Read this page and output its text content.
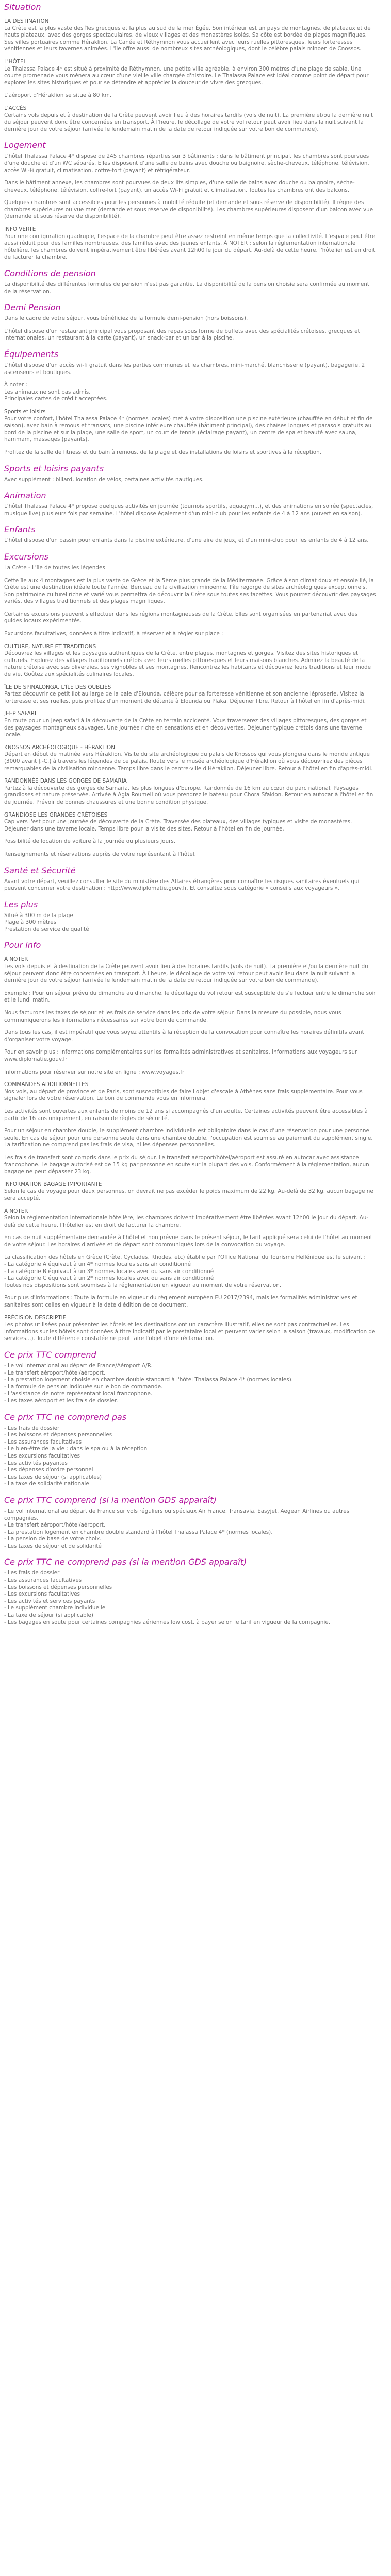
Situation
LA DESTINATION

La Crète est la plus vaste des îles grecques et la plus au sud de la mer Égée. Son intérieur est un pays de montagnes, de plateaux et de hauts plateaux, avec des gorges spectaculaires, de vieux villages et des monastères isolés. Sa côte est bordée de plages magnifiques. Ses villes portuaires comme Héraklion, La Canée et Réthymnon vous accueillent avec leurs ruelles pittoresques, leurs forteresses vénitiennes et leurs tavernes animées. L'île offre aussi de nombreux sites archéologiques, dont le célèbre palais minoen de Cnossos.

L'HÔTEL

Le Thalassa Palace 4* est situé à proximité de Réthymnon, une petite ville agréable, à environ 300 mètres d'une plage de sable. Une courte promenade vous mènera au cœur d'une vieille ville chargée d'histoire. Le Thalassa Palace est idéal comme point de départ pour explorer les sites historiques et pour se détendre et apprécier la douceur de vivre des grecques.

L'aéroport d'Héraklion se situe à 80 km.

L'ACCÈS

Certains vols depuis et à destination de la Crète peuvent avoir lieu à des horaires tardifs (vols de nuit). La première et/ou la dernière nuit du séjour peuvent donc être concernées en transport. À l'heure, le décollage de votre vol retour peut avoir lieu dans la nuit suivant la dernière jour de votre séjour (arrivée le lendemain matin de la date de retour indiquée sur votre bon de commande).

Logement

L'hôtel Thalassa Palace 4* dispose de 245 chambres réparties sur 3 bâtiments : dans le bâtiment principal, les chambres sont pourvues d'une douche et d'un WC séparés. Elles disposent d'une salle de bains avec douche ou baignoire, sèche-cheveux, téléphone, télévision, accès Wi-Fi gratuit, climatisation, coffre-fort (payant) et réfrigérateur.

Dans le bâtiment annexe, les chambres sont pourvues de deux lits simples, d'une salle de bains avec douche ou baignoire, sèche-cheveux, téléphone, télévision, coffre-fort (payant), un accès Wi-Fi gratuit et climatisation. Toutes les chambres ont des balcons.

Quelques chambres sont accessibles pour les personnes à mobilité réduite (et demande et sous réserve de disponibilité). Il règne des chambres supérieures ou vue mer (demande et sous réserve de disponibilité). Les chambres supérieures disposent d'un balcon avec vue (demande et sous réserve de disponibilité).

INFO VERTE

Pour une configuration quadruple, l'espace de la chambre peut être assez restreint en même temps que la collectivité. L'espace peut être aussi réduit pour des familles nombreuses, des familles avec des jeunes enfants. À NOTER : selon la réglementation internationale hôtelière, les chambres doivent impérativement être libérées avant 12h00 le jour du départ. Au-delà de cette heure, l'hôtelier est en droit de facturer la chambre.

Conditions de pension

La disponibilité des différentes formules de pension n'est pas garantie. La disponibilité de la pension choisie sera confirmée au moment de la réservation.

Demi Pension

Dans le cadre de votre séjour, vous bénéficiez de la formule demi-pension (hors boissons).

L'hôtel dispose d'un restaurant principal vous proposant des repas sous forme de buffets avec des spécialités crétoises, grecques et internationales, un restaurant à la carte (payant), un snack-bar et un bar à la piscine.

Équipements

L'hôtel dispose d'un accès wi-fi gratuit dans les parties communes et les chambres, mini-marché, blanchisserie (payant), bagagerie, 2 ascenseurs et boutiques.

À noter :
Les animaux ne sont pas admis.
Principales cartes de crédit acceptées.
Sports et loisirs

Pour votre confort, l'hôtel Thalassa Palace 4* (normes locales) met à votre disposition une piscine extérieure (chauffée en début et fin de saison), avec bain à remous et transats, une piscine intérieure chauffée (bâtiment principal), des chaises longues et parasols gratuits au bord de la piscine et sur la plage, une salle de sport, un court de tennis (éclairage payant), un centre de spa et beauté avec sauna, hammam, massages (payants).

Profitez de la salle de fitness et du bain à remous, de la plage et des installations de loisirs et sportives à la réception.

Sports et loisirs payants

Avec supplément : billard, location de vélos, certaines activités nautiques.

Animation

L'hôtel Thalassa Palace 4* propose quelques activités en journée (tournois sportifs, aquagym...), et des animations en soirée (spectacles, musique live) plusieurs fois par semaine. L'hôtel dispose également d'un mini-club pour les enfants de 4 à 12 ans (ouvert en saison).

Enfants

L'hôtel dispose d'un bassin pour enfants dans la piscine extérieure, d'une aire de jeux, et d'un mini-club pour les enfants de 4 à 12 ans.

Excursions

La Crète - L'île de toutes les légendes

Cette île aux 4 montagnes est la plus vaste de Grèce et la 5ème plus grande de la Méditerranée. Grâce à son climat doux et ensoleillé, la Crète est une destination idéale toute l'année. Berceau de la civilisation minoenne, l'île regorge de sites archéologiques exceptionnels. Son patrimoine culturel riche et varié vous permettra de découvrir la Crète sous toutes ses facettes. Vous pourrez découvrir des paysages variés, des villages traditionnels et des plages magnifiques.

Certaines excursions peuvent s'effectuer dans les régions montagneuses de la Crète. Elles sont organisées en partenariat avec des guides locaux expérimentés.

Excursions facultatives, données à titre indicatif, à réserver et à régler sur place :

CULTURE, NATURE ET TRADITIONS

Découvrez les villages et les paysages authentiques de la Crète, entre plages, montagnes et gorges. Visitez des sites historiques et culturels. Explorez des villages traditionnels crétois avec leurs ruelles pittoresques et leurs maisons blanches. Admirez la beauté de la nature crétoise avec ses oliveraies, ses vignobles et ses montagnes. Rencontrez les habitants et découvrez leurs traditions et leur mode de vie. Goûtez aux spécialités culinaires locales.

ÎLE DE SPINALONGA, L'ÎLE DES OUBLIÉS

Partez découvrir ce petit îlot au large de la baie d'Elounda, célèbre pour sa forteresse vénitienne et son ancienne léproserie. Visitez la forteresse et ses ruelles, puis profitez d'un moment de détente à Elounda ou Plaka. Déjeuner libre. Retour à l'hôtel en fin d'après-midi.

JEEP SAFARI

En route pour un jeep safari à la découverte de la Crète en terrain accidenté. Vous traverserez des villages pittoresques, des gorges et des paysages montagneux sauvages. Une journée riche en sensations et en découvertes. Déjeuner typique crétois dans une taverne locale.

KNOSSOS ARCHÉOLOGIQUE - HÉRAKLION

Départ en début de matinée vers Héraklion. Visite du site archéologique du palais de Knossos qui vous plongera dans le monde antique (3000 avant J.-C.) à travers les légendes de ce palais. Route vers le musée archéologique d'Héraklion où vous découvrirez des pièces remarquables de la civilisation minoenne. Temps libre dans le centre-ville d'Héraklion. Déjeuner libre. Retour à l'hôtel en fin d'après-midi.

RANDONNÉE DANS LES GORGES DE SAMARIA

Partez à la découverte des gorges de Samaria, les plus longues d'Europe. Randonnée de 16 km au cœur du parc national. Paysages grandioses et nature préservée. Arrivée à Agia Roumeli où vous prendrez le bateau pour Chora Sfakion. Retour en autocar à l'hôtel en fin de journée. Prévoir de bonnes chaussures et une bonne condition physique.

GRANDIOSE LES GRANDES CRÉTOISES

Cap vers l'est pour une journée de découverte de la Crète. Traversée des plateaux, des villages typiques et visite de monastères. Déjeuner dans une taverne locale. Temps libre pour la visite des sites. Retour à l'hôtel en fin de journée.

Possibilité de location de voiture à la journée ou plusieurs jours.

Renseignements et réservations auprès de votre représentant à l'hôtel.

Santé et Sécurité

Avant votre départ, veuillez consulter le site du ministère des Affaires étrangères pour connaître les risques sanitaires éventuels qui peuvent concerner votre destination : http://www.diplomatie.gouv.fr. Et consultez sous catégorie « conseils aux voyageurs ».

Les plus
Situé à 300 m de la plage
Plage à 300 mètres
Prestation de service de qualité
Pour info
À NOTER

Les vols depuis et à destination de la Crète peuvent avoir lieu à des horaires tardifs (vols de nuit). La première et/ou la dernière nuit du séjour peuvent donc être concernées en transport. À l'heure, le décollage de votre vol retour peut avoir lieu dans la nuit suivant la dernière jour de votre séjour (arrivée le lendemain matin de la date de retour indiquée sur votre bon de commande).

Exemple : Pour un séjour prévu du dimanche au dimanche, le décollage du vol retour est susceptible de s'effectuer entre le dimanche soir et le lundi matin.

Nous facturons les taxes de séjour et les frais de service dans les prix de votre séjour. Dans la mesure du possible, nous vous communiquerons les informations nécessaires sur votre bon de commande.

Dans tous les cas, il est impératif que vous soyez attentifs à la réception de la convocation pour connaître les horaires définitifs avant d'organiser votre voyage.

Pour en savoir plus : informations complémentaires sur les formalités administratives et sanitaires. Informations aux voyageurs sur www.diplomatie.gouv.fr

Informations pour réserver sur notre site en ligne : www.voyages.fr

COMMANDES ADDITIONNELLES

Nos vols, au départ de province et de Paris, sont susceptibles de faire l'objet d'escale à Athènes sans frais supplémentaire. Pour vous signaler lors de votre réservation. Le bon de commande vous en informera.

Les activités sont ouvertes aux enfants de moins de 12 ans si accompagnés d'un adulte. Certaines activités peuvent être accessibles à partir de 16 ans uniquement, en raison de règles de sécurité.

Pour un séjour en chambre double, le supplément chambre individuelle est obligatoire dans le cas d'une réservation pour une personne seule. En cas de séjour pour une personne seule dans une chambre double, l'occupation est soumise au paiement du supplément single. La tarification ne comprend pas les frais de visa, ni les dépenses personnelles.

Les frais de transfert sont compris dans le prix du séjour. Le transfert aéroport/hôtel/aéroport est assuré en autocar avec assistance francophone. Le bagage autorisé est de 15 kg par personne en soute sur la plupart des vols. Conformément à la réglementation, aucun bagage ne peut dépasser 23 kg.

INFORMATION BAGAGE IMPORTANTE

Selon le cas de voyage pour deux personnes, on devrait ne pas excéder le poids maximum de 22 kg. Au-delà de 32 kg, aucun bagage ne sera accepté.

À NOTER

Selon la réglementation internationale hôtelière, les chambres doivent impérativement être libérées avant 12h00 le jour du départ. Au-delà de cette heure, l'hôtelier est en droit de facturer la chambre.

En cas de nuit supplémentaire demandée à l'hôtel et non prévue dans le présent séjour, le tarif appliqué sera celui de l'hôtel au moment de votre séjour. Les horaires d'arrivée et de départ sont communiqués lors de la convocation du voyage.

La classification des hôtels en Grèce (Crète, Cyclades, Rhodes, etc) établie par l'Office National du Tourisme Hellénique est le suivant :

- La catégorie A équivaut à un 4* normes locales sans air conditionné
- La catégorie B équivaut à un 3* normes locales avec ou sans air conditionné
- La catégorie C équivaut à un 2* normes locales avec ou sans air conditionné
Toutes nos dispositions sont soumises à la réglementation en vigueur au moment de votre réservation.

Pour plus d'informations : Toute la formule en vigueur du règlement européen EU 2017/2394, mais les formalités administratives et sanitaires sont celles en vigueur à la date d'édition de ce document.

PRÉCISION DESCRIPTIF

Les photos utilisées pour présenter les hôtels et les destinations ont un caractère illustratif, elles ne sont pas contractuelles. Les informations sur les hôtels sont données à titre indicatif par le prestataire local et peuvent varier selon la saison (travaux, modification de services...). Toute différence constatée ne peut faire l'objet d'une réclamation.

Ce prix TTC comprend
- Le vol international au départ de France/Aéroport A/R.
- Le transfert aéroport/hôtel/aéroport.
- La prestation logement choisie en chambre double standard à l'hôtel Thalassa Palace 4* (normes locales).
- La formule de pension indiquée sur le bon de commande.
- L'assistance de notre représentant local francophone.
- Les taxes aéroport et les frais de dossier.
Ce prix TTC ne comprend pas
- Les frais de dossier
- Les boissons et dépenses personnelles
- Les assurances facultatives
- Le bien-être de la vie : dans le spa ou à la réception
- Les excursions facultatives
- Les activités payantes
- Les dépenses d'ordre personnel
- Les taxes de séjour (si applicables)
- La taxe de solidarité nationale
Ce prix TTC comprend (si la mention GDS apparaît)
- Le vol international au départ de France sur vols réguliers ou spéciaux Air France, Transavia, Easyjet, Aegean Airlines ou autres compagnies.
- Le transfert aéroport/hôtel/aéroport.
- La prestation logement en chambre double standard à l'hôtel Thalassa Palace 4* (normes locales).
- La pension de base de votre choix.
- Les taxes de séjour et de solidarité
Ce prix TTC ne comprend pas (si la mention GDS apparaît)
- Les frais de dossier
- Les assurances facultatives
- Les boissons et dépenses personnelles
- Les excursions facultatives
- Les activités et services payants
- Le supplément chambre individuelle
- La taxe de séjour (si applicable)
- Les bagages en soute pour certaines compagnies aériennes low cost, à payer selon le tarif en vigueur de la compagnie.
